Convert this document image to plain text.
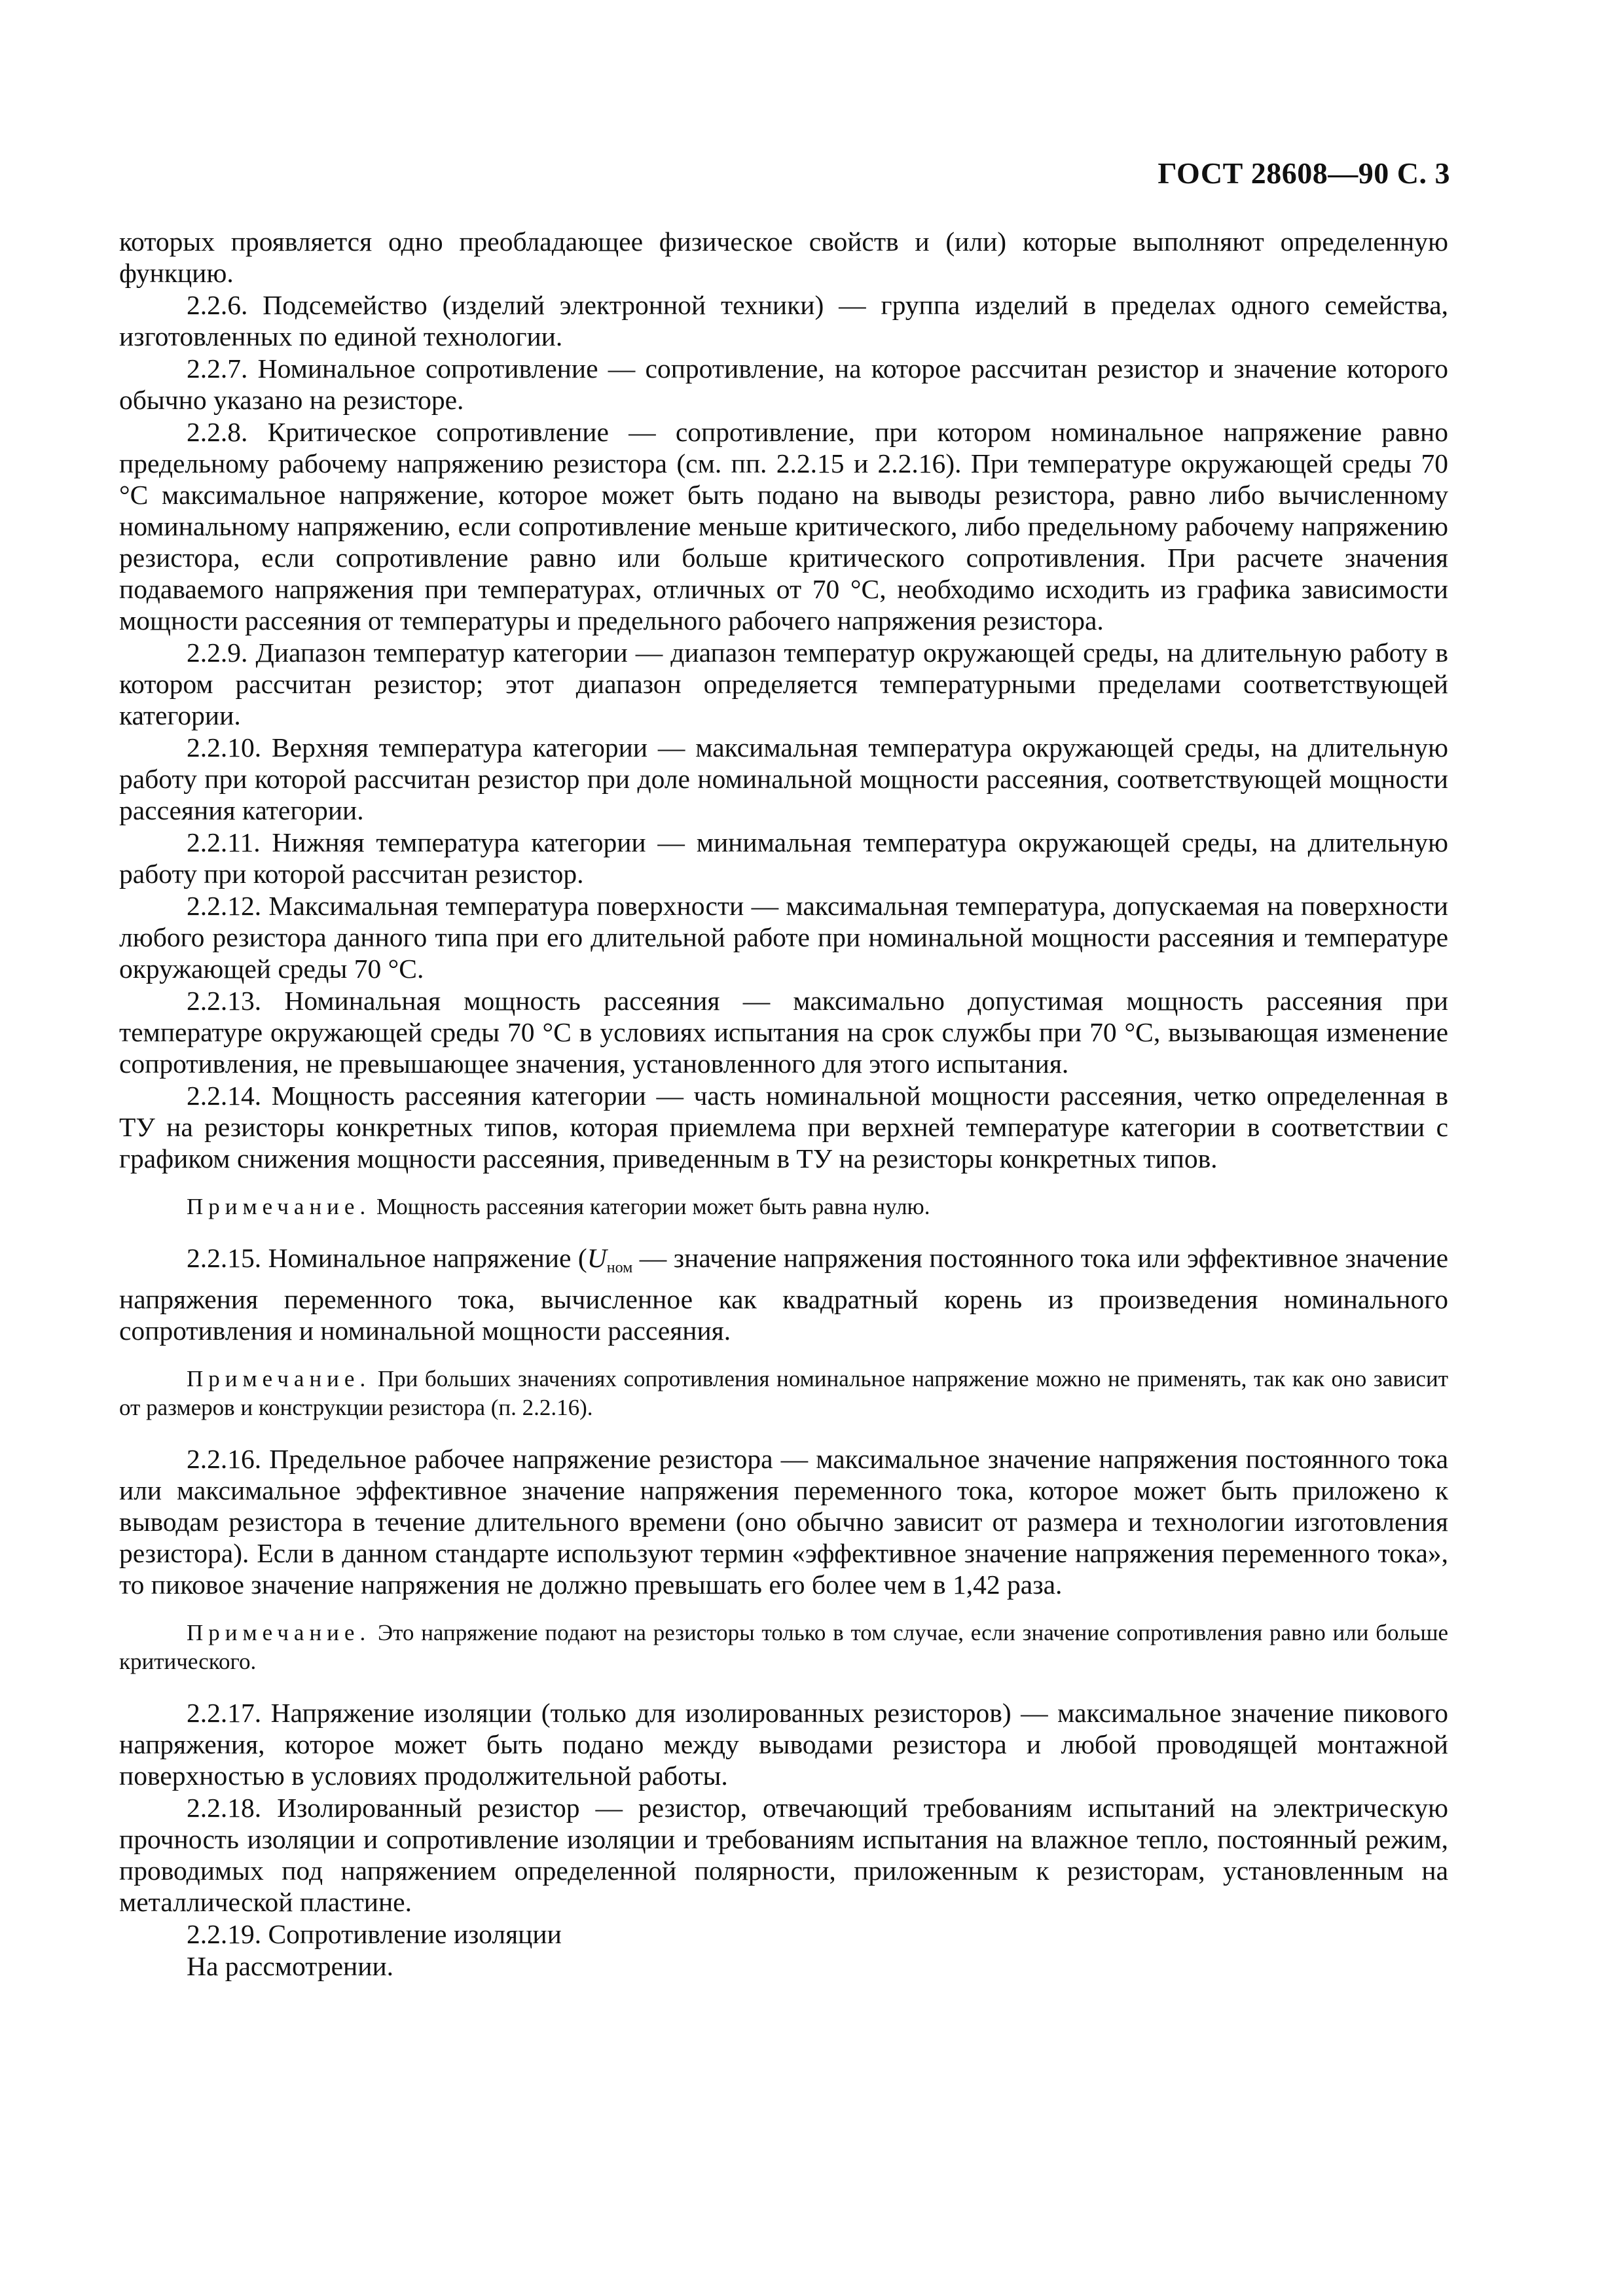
ГОСТ 28608—90 С. 3

которых проявляется одно преобладающее физическое свойств и (или) которые выполняют определенную функцию.

2.2.6. Подсемейство (изделий электронной техники) — группа изделий в пределах одного семейства, изготовленных по единой технологии.

2.2.7. Номинальное сопротивление — сопротивление, на которое рассчитан резистор и значение которого обычно указано на резисторе.

2.2.8. Критическое сопротивление — сопротивление, при котором номинальное напряжение равно предельному рабочему напряжению резистора (см. пп. 2.2.15 и 2.2.16). При температуре окружающей среды 70 °С максимальное напряжение, которое может быть подано на выводы резистора, равно либо вычисленному номинальному напряжению, если сопротивление меньше критического, либо предельному рабочему напряжению резистора, если сопротивление равно или больше критического сопротивления. При расчете значения подаваемого напряжения при температурах, отличных от 70 °С, необходимо исходить из графика зависимости мощности рассеяния от температуры и предельного рабочего напряжения резистора.

2.2.9. Диапазон температур категории — диапазон температур окружающей среды, на длительную работу в котором рассчитан резистор; этот диапазон определяется температурными пределами соответствующей категории.

2.2.10. Верхняя температура категории — максимальная температура окружающей среды, на длительную работу при которой рассчитан резистор при доле номинальной мощности рассеяния, соответствующей мощности рассеяния категории.

2.2.11. Нижняя температура категории — минимальная температура окружающей среды, на длительную работу при которой рассчитан резистор.

2.2.12. Максимальная температура поверхности — максимальная температура, допускаемая на поверхности любого резистора данного типа при его длительной работе при номинальной мощности рассеяния и температуре окружающей среды 70 °С.

2.2.13. Номинальная мощность рассеяния — максимально допустимая мощность рассеяния при температуре окружающей среды 70 °С в условиях испытания на срок службы при 70 °С, вызывающая изменение сопротивления, не превышающее значения, установленного для этого испытания.

2.2.14. Мощность рассеяния категории — часть номинальной мощности рассеяния, четко определенная в ТУ на резисторы конкретных типов, которая приемлема при верхней температуре категории в соответствии с графиком снижения мощности рассеяния, приведенным в ТУ на резисторы конкретных типов.

Примечание. Мощность рассеяния категории может быть равна нулю.

2.2.15. Номинальное напряжение ($U_{ном}$ — значение напряжения постоянного тока или эффективное значение напряжения переменного тока, вычисленное как квадратный корень из произведения номинального сопротивления и номинальной мощности рассеяния.

Примечание. При больших значениях сопротивления номинальное напряжение можно не применять, так как оно зависит от размеров и конструкции резистора (п. 2.2.16).

2.2.16. Предельное рабочее напряжение резистора — максимальное значение напряжения постоянного тока или максимальное эффективное значение напряжения переменного тока, которое может быть приложено к выводам резистора в течение длительного времени (оно обычно зависит от размера и технологии изготовления резистора). Если в данном стандарте используют термин «эффективное значение напряжения переменного тока», то пиковое значение напряжения не должно превышать его более чем в 1,42 раза.

Примечание. Это напряжение подают на резисторы только в том случае, если значение сопротивления равно или больше критического.

2.2.17. Напряжение изоляции (только для изолированных резисторов) — максимальное значение пикового напряжения, которое может быть подано между выводами резистора и любой проводящей монтажной поверхностью в условиях продолжительной работы.

2.2.18. Изолированный резистор — резистор, отвечающий требованиям испытаний на электрическую прочность изоляции и сопротивление изоляции и требованиям испытания на влажное тепло, постоянный режим, проводимых под напряжением определенной полярности, приложенным к резисторам, установленным на металлической пластине.

2.2.19. Сопротивление изоляции

На рассмотрении.
